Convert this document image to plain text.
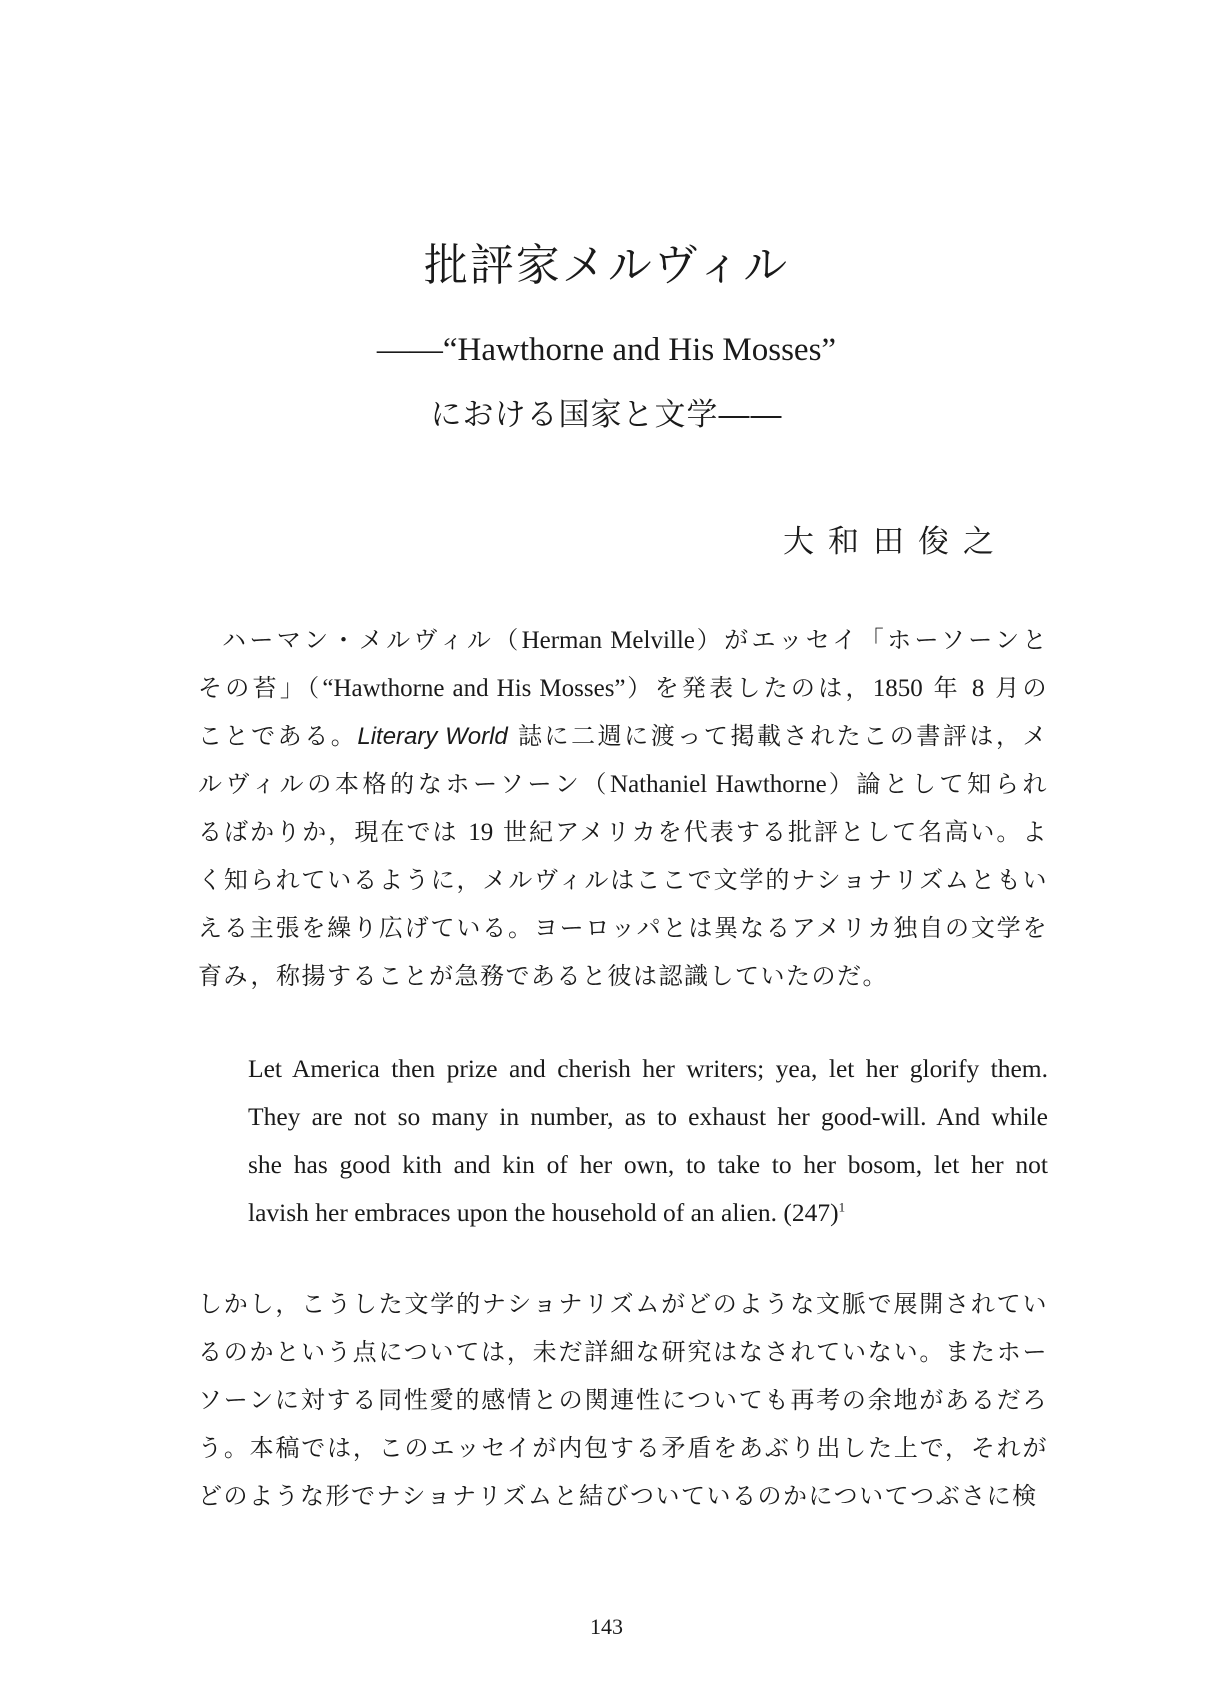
批評家メルヴィル
――“Hawthorne and His Mosses”
における国家と文学――
大和田俊之
ハーマン・メルヴィル（Herman Melville）がエッセイ「ホーソーンと
その苔」（“Hawthorne and His Mosses”）を発表したのは，1850 年 8 月の
ことである。Literary World 誌に二週に渡って掲載されたこの書評は，メ
ルヴィルの本格的なホーソーン（Nathaniel Hawthorne）論として知られ
るばかりか，現在では 19 世紀アメリカを代表する批評として名高い。よ
く知られているように，メルヴィルはここで文学的ナショナリズムともい
える主張を繰り広げている。ヨーロッパとは異なるアメリカ独自の文学を
育み，称揚することが急務であると彼は認識していたのだ。
Let America then prize and cherish her writers; yea, let her glorify them.
They are not so many in number, as to exhaust her good-will. And while
she has good kith and kin of her own, to take to her bosom, let her not
lavish her embraces upon the household of an alien. $(247)^1$
しかし，こうした文学的ナショナリズムがどのような文脈で展開されてい
るのかという点については，未だ詳細な研究はなされていない。またホー
ソーンに対する同性愛的感情との関連性についても再考の余地があるだろ
う。本稿では，このエッセイが内包する矛盾をあぶり出した上で，それが
どのような形でナショナリズムと結びついているのかについてつぶさに検
143
